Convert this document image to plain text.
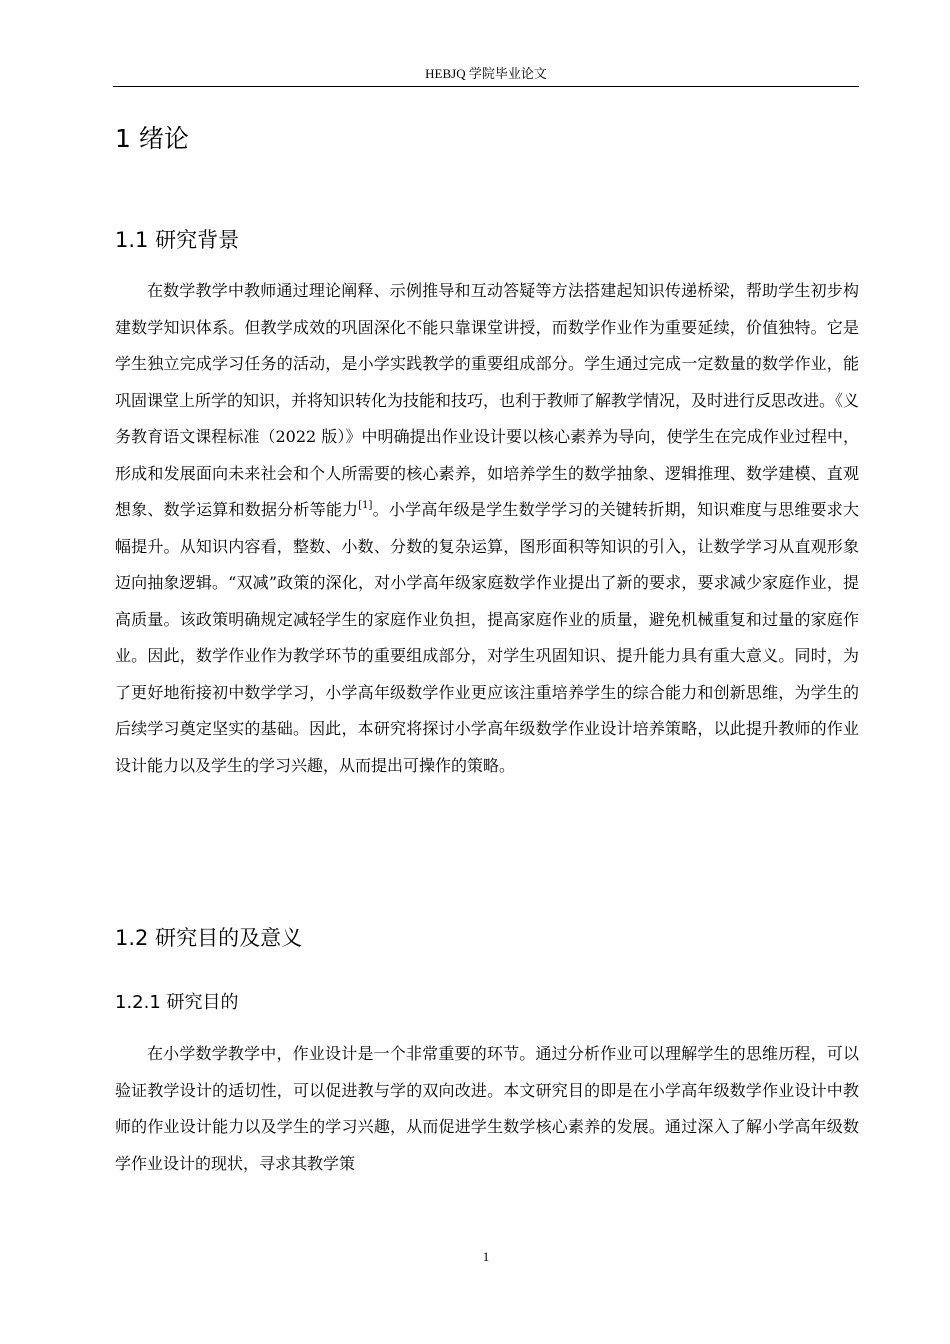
HEBJQ 学院毕业论文
1 绪论
1.1 研究背景

在数学教学中教师通过理论阐释、示例推导和互动答疑等方法搭建起知识传递桥梁，帮助学生初步构建数学知识体系。但教学成效的巩固深化不能只靠课堂讲授，而数学作业作为重要延续，价值独特。它是学生独立完成学习任务的活动，是小学实践教学的重要组成部分。学生通过完成一定数量的数学作业，能巩固课堂上所学的知识，并将知识转化为技能和技巧，也利于教师了解教学情况，及时进行反思改进。《义务教育语文课程标准（2022 版）》中明确提出作业设计要以核心素养为导向，使学生在完成作业过程中，形成和发展面向未来社会和个人所需要的核心素养，如培养学生的数学抽象、逻辑推理、数学建模、直观想象、数学运算和数据分析等能力[1]。小学高年级是学生数学学习的关键转折期，知识难度与思维要求大幅提升。从知识内容看，整数、小数、分数的复杂运算，图形面积等知识的引入，让数学学习从直观形象迈向抽象逻辑。“双减”政策的深化，对小学高年级家庭数学作业提出了新的要求，要求减少家庭作业，提高质量。该政策明确规定减轻学生的家庭作业负担，提高家庭作业的质量，避免机械重复和过量的家庭作业。因此，数学作业作为教学环节的重要组成部分，对学生巩固知识、提升能力具有重大意义。同时，为了更好地衔接初中数学学习，小学高年级数学作业更应该注重培养学生的综合能力和创新思维，为学生的后续学习奠定坚实的基础。因此，本研究将探讨小学高年级数学作业设计培养策略，以此提升教师的作业设计能力以及学生的学习兴趣，从而提出可操作的策略。

1.2 研究目的及意义
1.2.1 研究目的

在小学数学教学中，作业设计是一个非常重要的环节。通过分析作业可以理解学生的思维历程，可以验证教学设计的适切性，可以促进教与学的双向改进。本文研究目的即是在小学高年级数学作业设计中教师的作业设计能力以及学生的学习兴趣，从而促进学生数学核心素养的发展。通过深入了解小学高年级数学作业设计的现状，寻求其教学策

1
